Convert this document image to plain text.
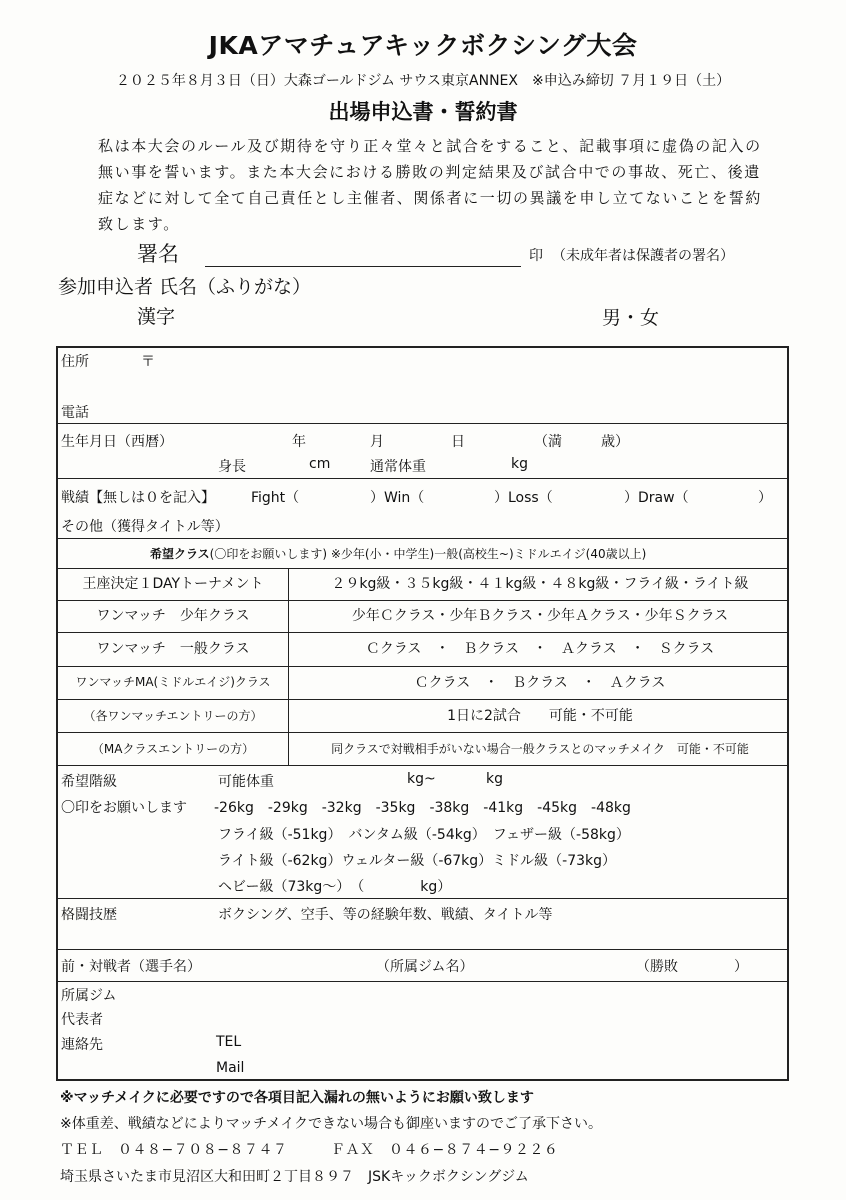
JKAアマチュアキックボクシング大会
２０２５年８月３日（日）大森ゴールドジム サウス東京ANNEX　※申込み締切 ７月１９日（土）
出場申込書・誓約書
私は本大会のルール及び期待を守り正々堂々と試合をすること、記載事項に虚偽の記入の
無い事を誓います。また本大会における勝敗の判定結果及び試合中での事故、死亡、後遺
症などに対して全て自己責任とし主催者、関係者に一切の異議を申し立てないことを誓約
致します。
署名	印 （未成年者は保護者の署名）
参加申込者 氏名（ふりがな）
漢字	男・女
住所	〒
電話
生年月日（西暦）	年	月	日	（満	歳）
身長	cm	通常体重	kg
戦績【無しは０を記入】	Fight（	）Win（	）Loss（	）Draw（	）
その他（獲得タイトル等）
希望クラス(〇印をお願いします) ※少年(小・中学生)一般(高校生~)ミドルエイジ(40歳以上)
王座決定１DAYトーナメント	２９kg級・３５kg級・４１kg級・４８kg級・フライ級・ライト級
ワンマッチ　少年クラス	少年Ｃクラス・少年Ｂクラス・少年Ａクラス・少年Ｓクラス
ワンマッチ　一般クラス	Ｃクラス　・　Ｂクラス　・　Ａクラス　・　Ｓクラス
ワンマッチMA(ミドルエイジ)クラス	Ｃクラス　・　Ｂクラス　・　Ａクラス
（各ワンマッチエントリーの方）	1日に2試合　　可能・不可能
（MAクラスエントリーの方）	同クラスで対戦相手がいない場合一般クラスとのマッチメイク　可能・不可能
希望階級
〇印をお願いします
可能体重	kg~	kg
-26kg　-29kg　-32kg　-35kg　-38kg　-41kg　-45kg　-48kg
フライ級（-51kg）　バンタム級（-54kg）　フェザー級（-58kg）
ライト級（-62kg）ウェルター級（-67kg）ミドル級（-73kg）
ヘビー級（73kg〜）　（　　　　kg）
格闘技歴	ボクシング、空手、等の経験年数、戦績、タイトル等
前・対戦者（選手名）	（所属ジム名）	（勝敗　　　　）
所属ジム
代表者
連絡先	TEL
Mail
※マッチメイクに必要ですので各項目記入漏れの無いようにお願い致します
※体重差、戦績などによりマッチメイクできない場合も御座いますのでご了承下さい。
ＴＥＬ　０４８−７０８−８７４７　　　ＦＡＸ　０４６−８７４−９２２６
埼玉県さいたま市見沼区大和田町２丁目８９７　JSKキックボクシングジム
